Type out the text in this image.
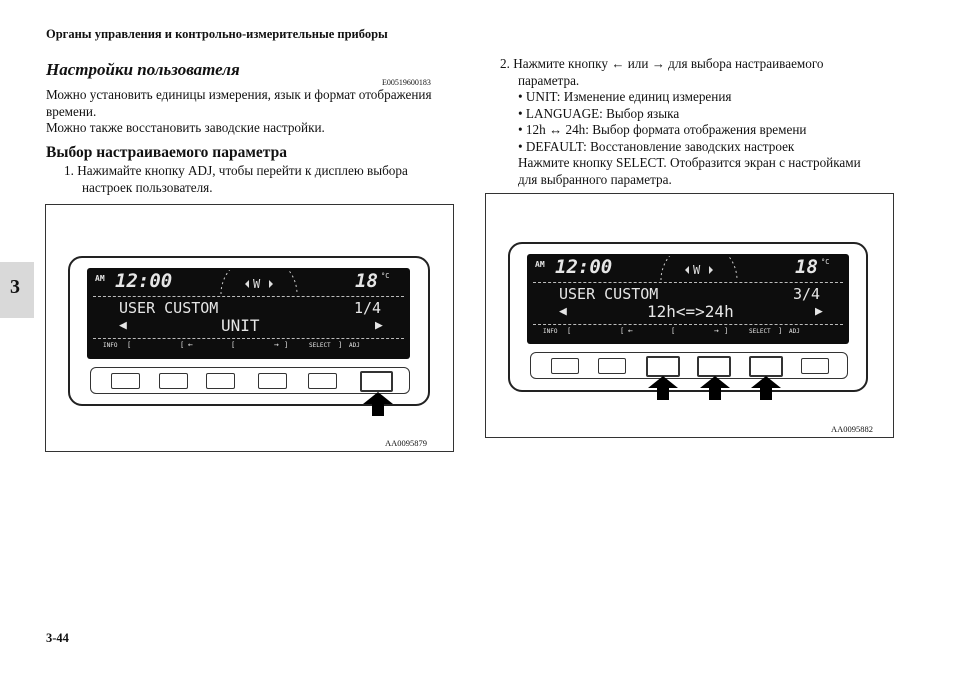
Органы управления и контрольно-измерительные приборы
3
Настройки пользователя
E00519600183
Можно установить единицы измерения, язык и формат отображения
времени.
Можно также восстановить заводские настройки.
Выбор настраиваемого параметра
1. Нажимайте кнопку ADJ, чтобы перейти к дисплею выбора
настроек пользователя.
2. Нажмите кнопку ← или → для выбора настраиваемого
параметра.
• UNIT: Изменение единиц измерения
• LANGUAGE: Выбор языка
• 12h ↔ 24h: Выбор формата отображения времени
• DEFAULT: Восстановление заводских настроек
Нажмите кнопку SELECT. Отобразится экран с настройками
для выбранного параметра.
AM 12:00	W	18 °C
USER CUSTOM	1/4
◀	UNIT	▶
INFO [	[ ←	[	→ ]	SELECT ] ADJ
AA0095879
AM 12:00	W	18 °C
USER CUSTOM	3/4
◀	12h<=>24h	▶
INFO [	[ ←	[	→ ]	SELECT ] ADJ
AA0095882
3-44
